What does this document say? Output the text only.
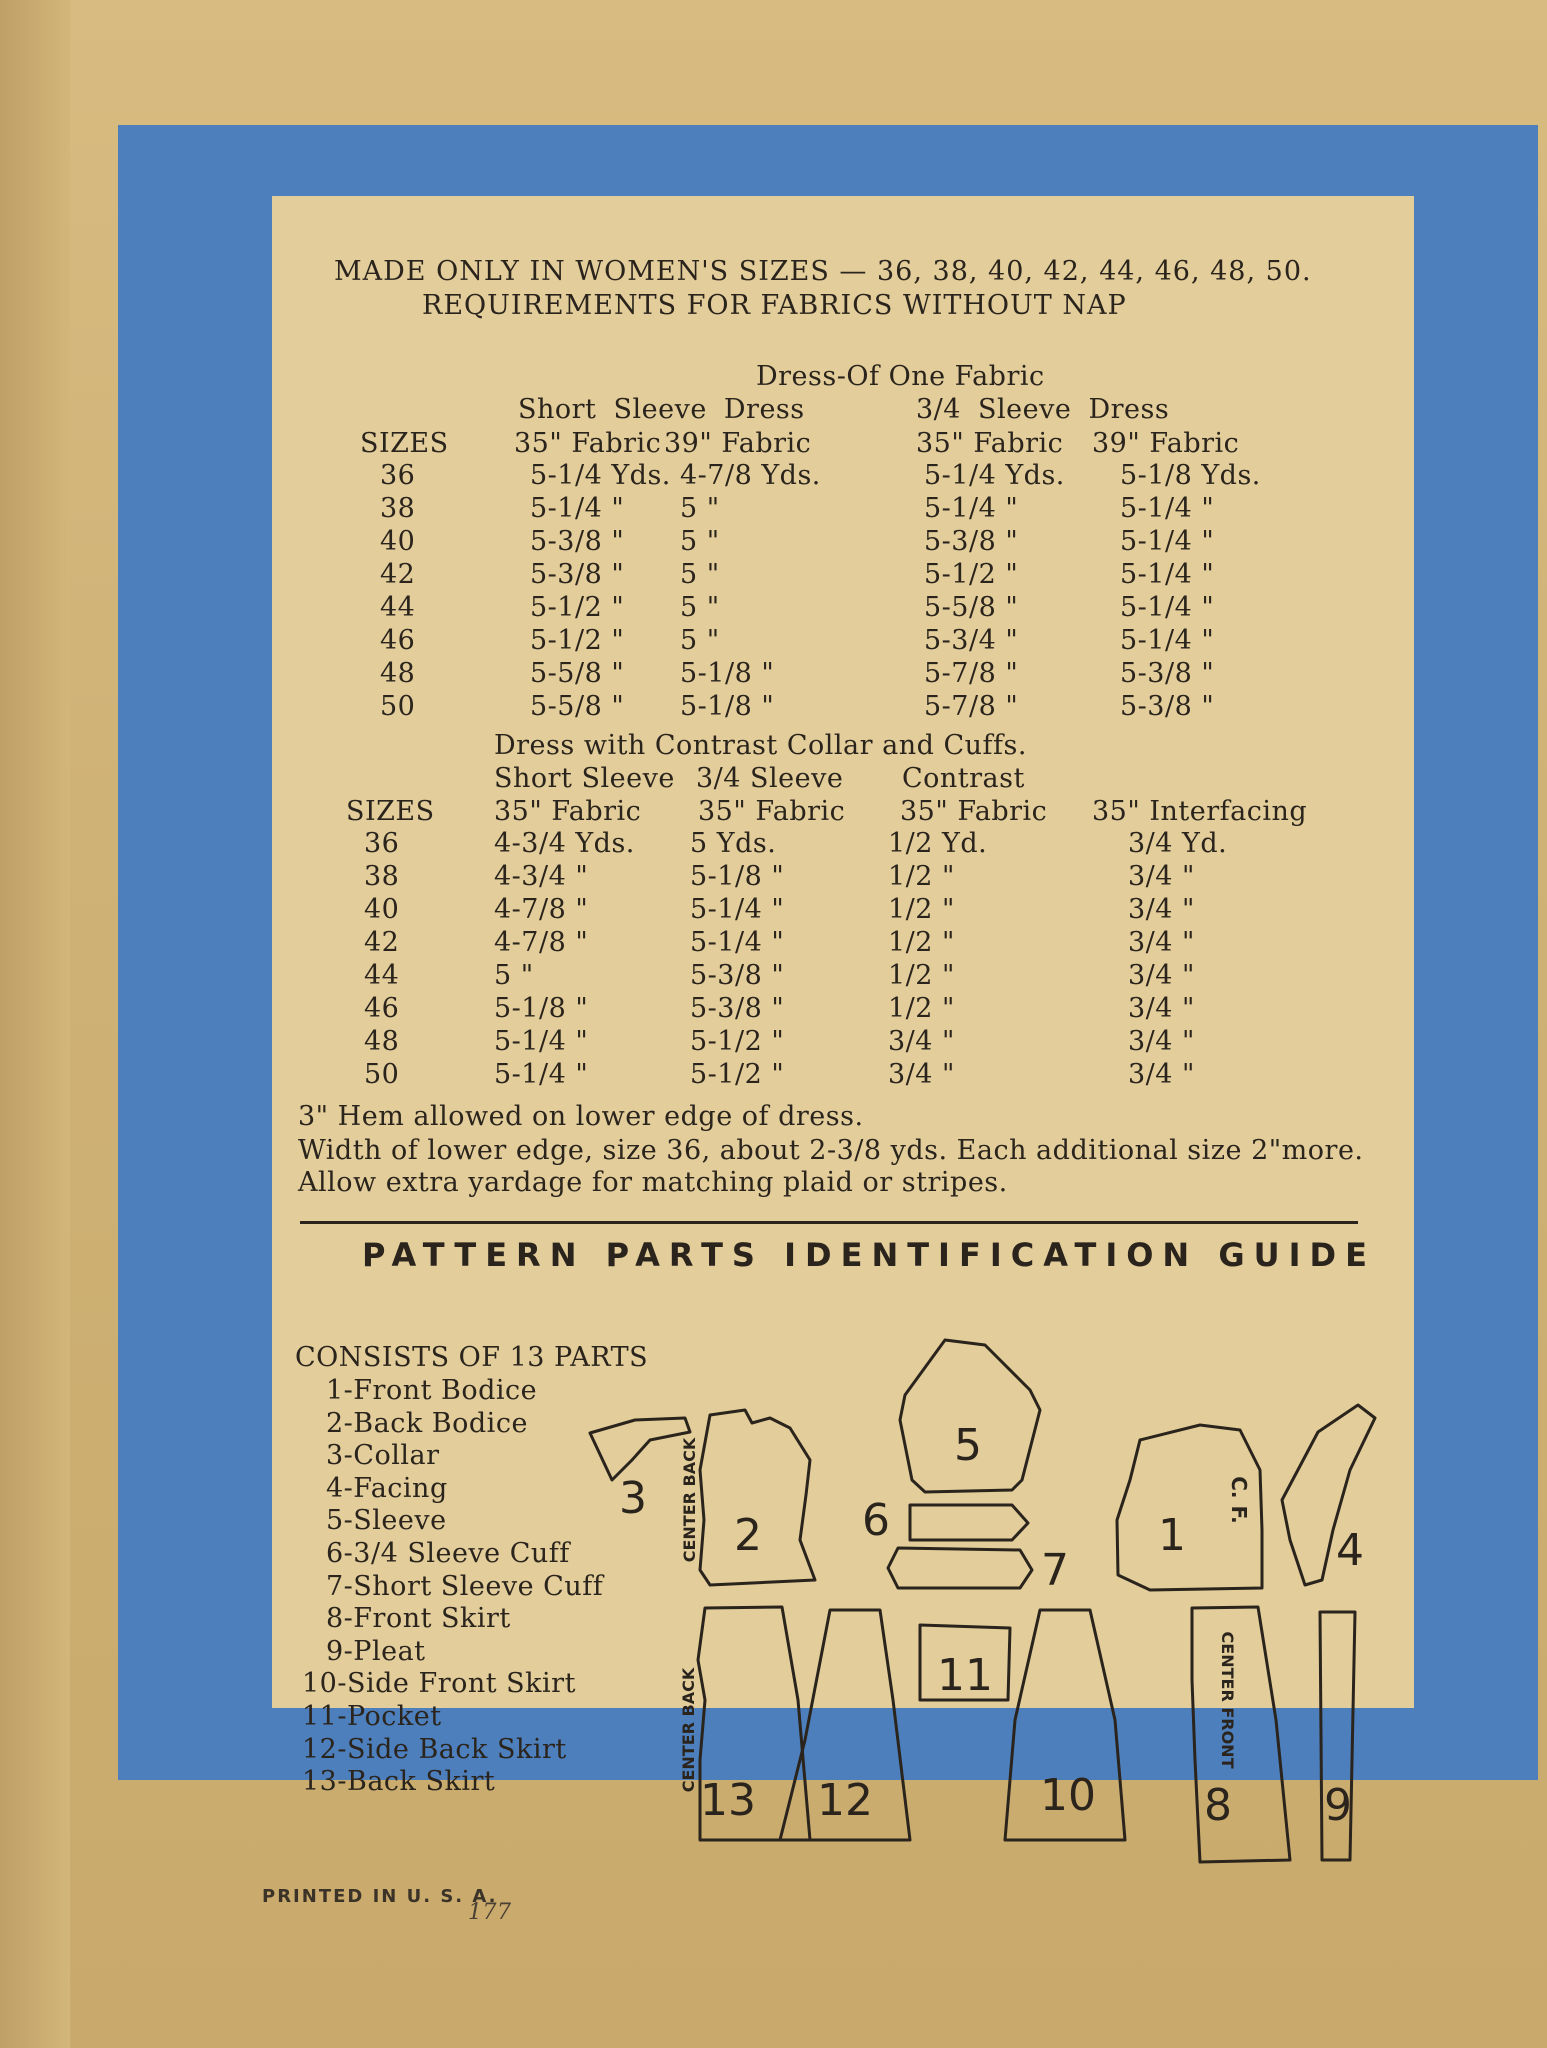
MADE ONLY IN WOMEN'S SIZES — 36, 38, 40, 42, 44, 46, 48, 50.
REQUIREMENTS FOR FABRICS WITHOUT NAP
Dress-Of One Fabric
Short Sleeve Dress	3/4 Sleeve Dress
SIZES 35" Fabric 39" Fabric	35" Fabric 39" Fabric
36	5-1/4 Yds. 4-7/8 Yds.	5-1/4 Yds. 5-1/8 Yds.
38	5-1/4 " 5 "	5-1/4 "	5-1/4 "
40	5-3/8 " 5 "	5-3/8 "	5-1/4 "
42	5-3/8 " 5 "	5-1/2 "	5-1/4 "
44	5-1/2 " 5 "	5-5/8 "	5-1/4 "
46	5-1/2 " 5 "	5-3/4 "	5-1/4 "
48	5-5/8 " 5-1/8 "	5-7/8 "	5-3/8 "
50	5-5/8 " 5-1/8 "	5-7/8 "	5-3/8 "
Dress with Contrast Collar and Cuffs.
Short Sleeve 3/4 Sleeve Contrast
SIZES 35" Fabric 35" Fabric 35" Fabric 35" Interfacing
36	4-3/4 Yds. 5 Yds.	1/2 Yd.	3/4 Yd.
38	4-3/4 "	5-1/8 "	1/2 "	3/4 "
40	4-7/8 "	5-1/4 "	1/2 "	3/4 "
42	4-7/8 "	5-1/4 "	1/2 "	3/4 "
44	5 "	5-3/8 "	1/2 "	3/4 "
46	5-1/8 "	5-3/8 "	1/2 "	3/4 "
48	5-1/4 "	5-1/2 "	3/4 "	3/4 "
50	5-1/4 "	5-1/2 "	3/4 "	3/4 "
3" Hem allowed on lower edge of dress.
Width of lower edge, size 36, about 2-3/8 yds. Each additional size 2"more.
Allow extra yardage for matching plaid or stripes.
PATTERN PARTS IDENTIFICATION GUIDE
CONSISTS OF 13 PARTS
1-Front Bodice
2-Back Bodice
3-Collar
4-Facing
5-Sleeve
6-3/4 Sleeve Cuff
7-Short Sleeve Cuff
8-Front Skirt
9-Pleat
10-Side Front Skirt
11-Pocket
12-Side Back Skirt
13-Back Skirt
3
2
5
6
7
1	4
13 12
11
10 8 9
CENTER BACK
CENTER BACK	CENTER FRONT
C. F.
PRINTED IN U. S. A.
177
